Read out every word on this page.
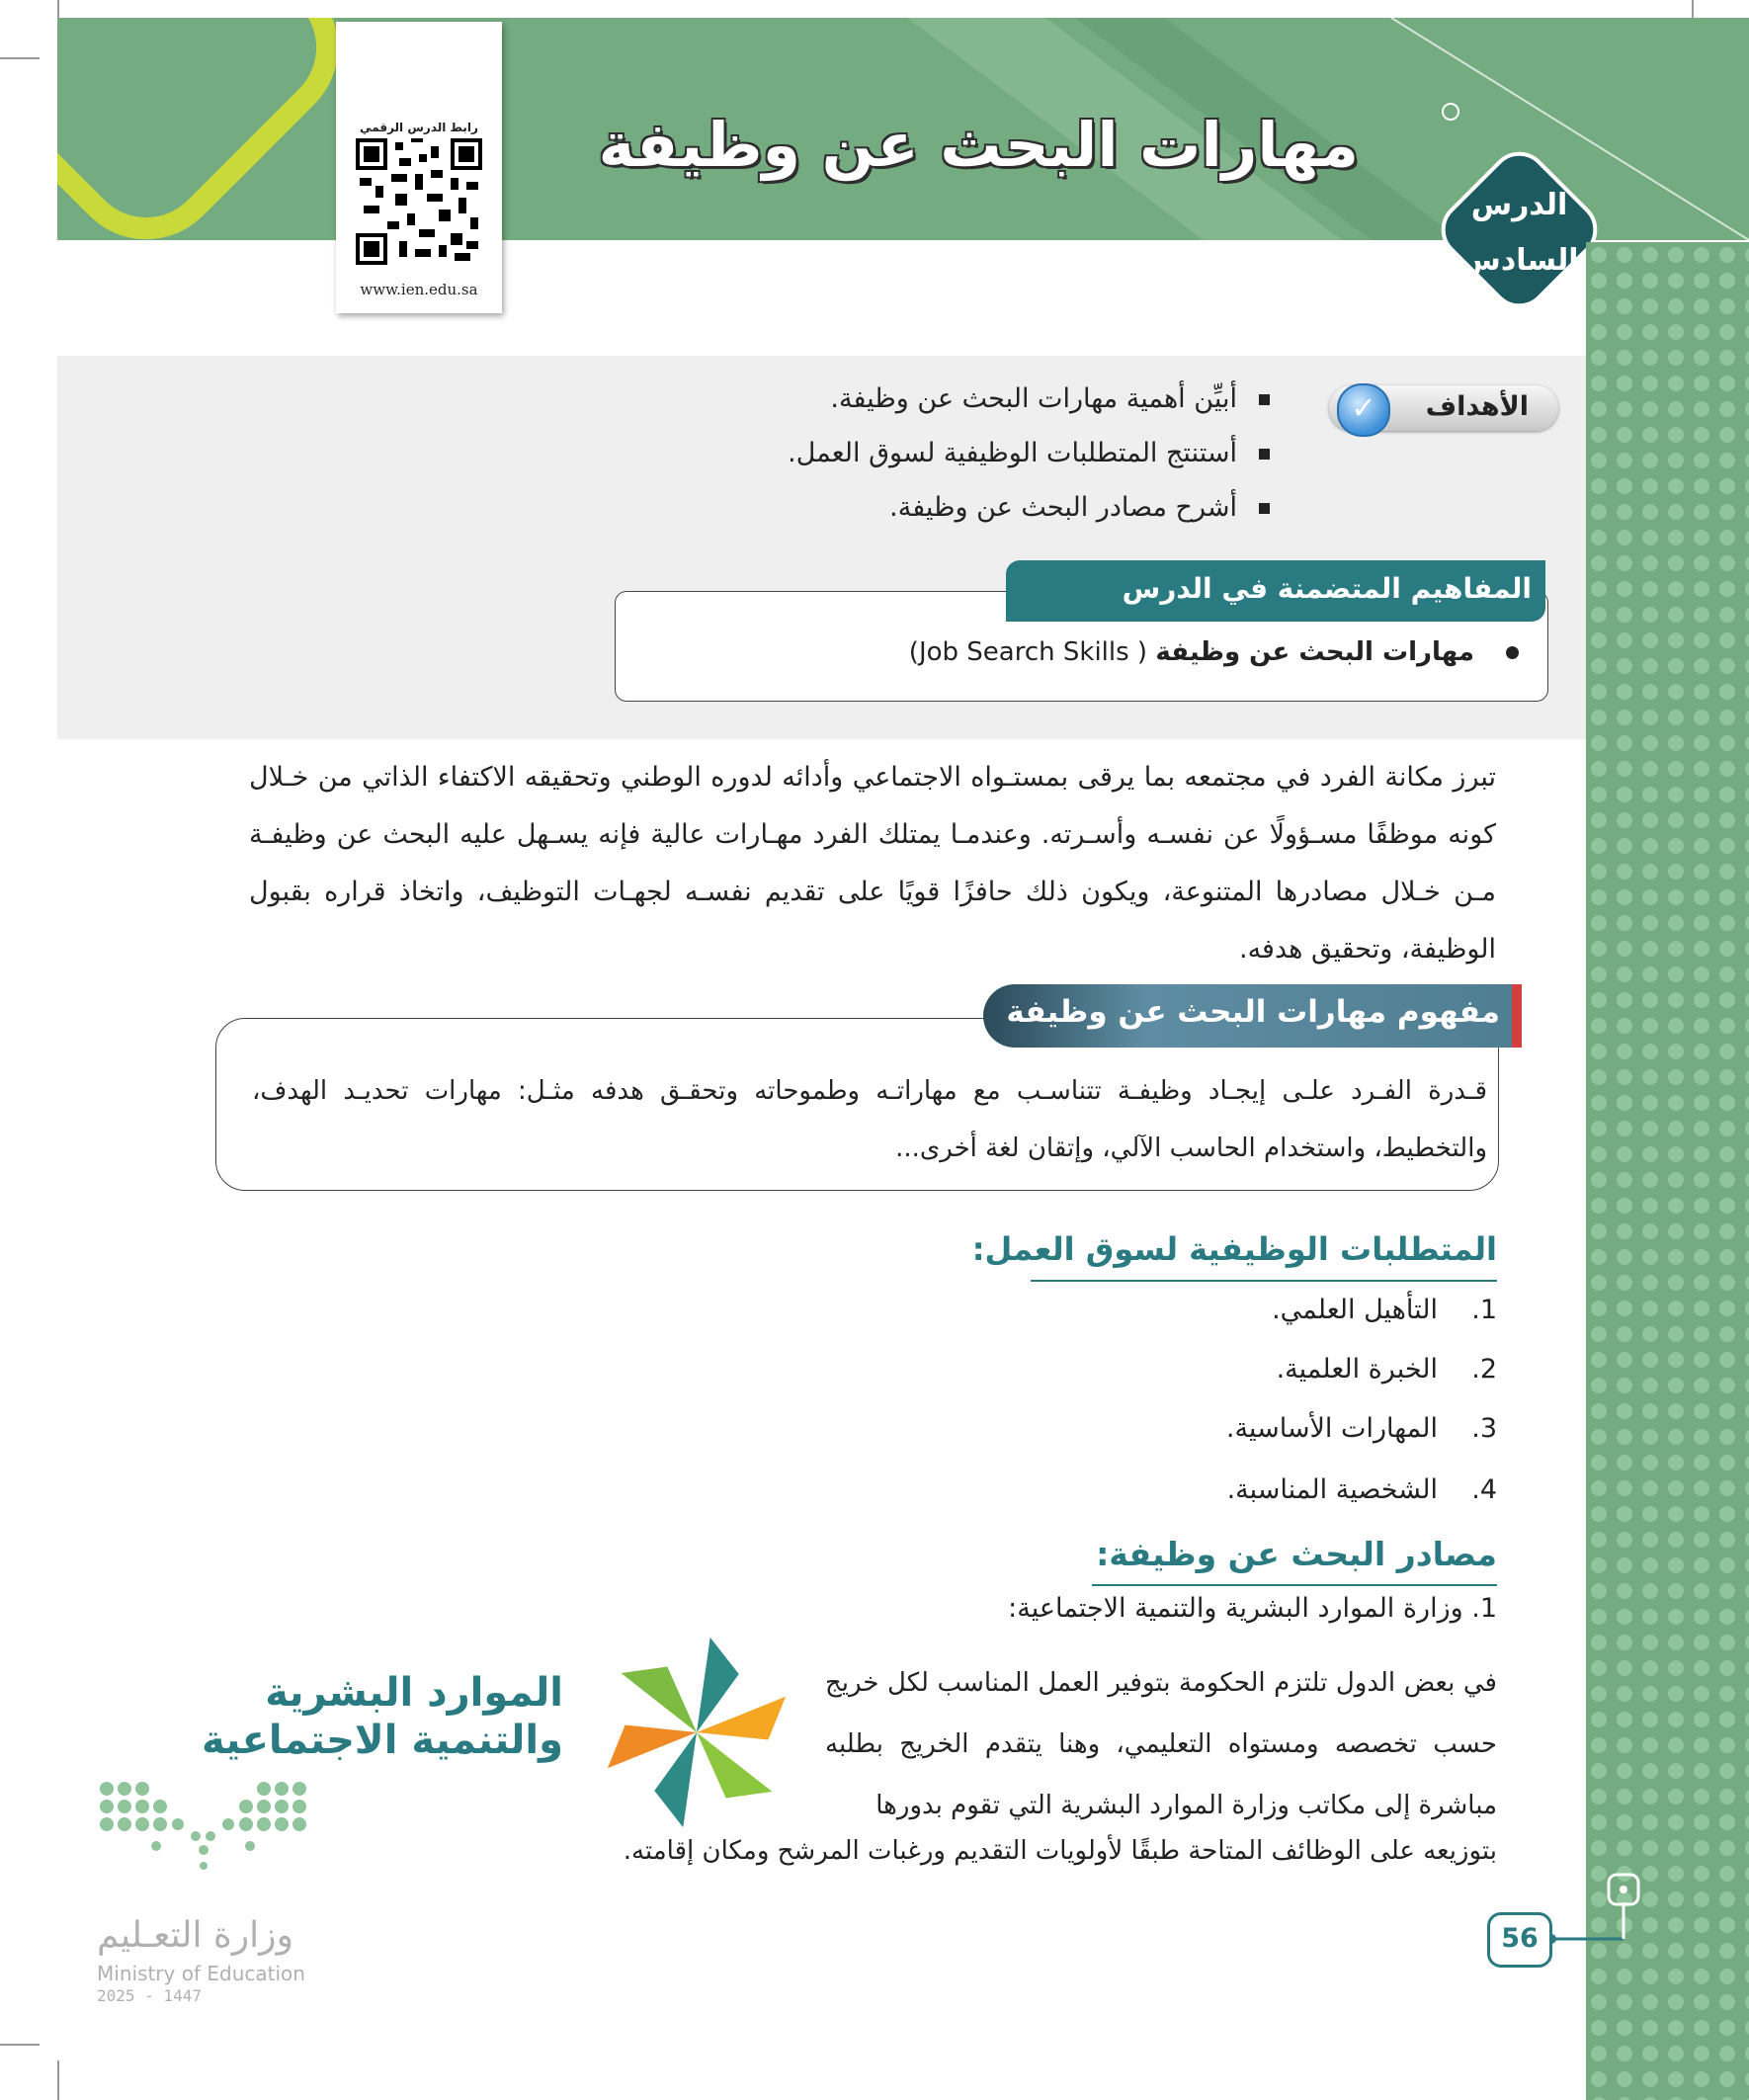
مهارات البحث عن وظيفة
الدرس
السادس
رابط الدرس الرقمي
www.ien.edu.sa
✓	الأهداف
أبيِّن أهمية مهارات البحث عن وظيفة.
أستنتج المتطلبات الوظيفية لسوق العمل.
أشرح مصادر البحث عن وظيفة.
المفاهيم المتضمنة في الدرس
مهارات البحث عن وظيفة ( Job Search Skills)
تبرز مكانة الفرد في مجتمعه بما يرقى بمستـواه الاجتماعي وأدائه لدوره الوطني وتحقيقه الاكتفاء الذاتي من خـلال كونه موظفًا مسـؤولًا عن نفسـه وأسـرته. وعندمـا يمتلك الفرد مهـارات عالية فإنه يسـهل عليه البحث عن وظيفـة مـن خـلال مصادرها المتنوعة، ويكون ذلك حافزًا قويًا على تقديم نفسـه لجهـات التوظيف، واتخاذ قراره بقبول الوظيفة، وتحقيق هدفه.
مفهوم مهارات البحث عن وظيفة
قـدرة الفـرد علـى إيجـاد وظيفـة تتناسـب مع مهاراتـه وطموحاته وتحقـق هدفه مثـل: مهارات تحديـد الهدف، والتخطيط، واستخدام الحاسب الآلي، وإتقان لغة أخرى...
المتطلبات الوظيفية لسوق العمل:
1.التأهيل العلمي.
2.الخبرة العلمية.
3.المهارات الأساسية.
4.الشخصية المناسبة.
مصادر البحث عن وظيفة:
1. وزارة الموارد البشرية والتنمية الاجتماعية:
في بعض الدول تلتزم الحكومة بتوفير العمل المناسب لكل خريج حسب تخصصه ومستواه التعليمي، وهنا يتقدم الخريج بطلبه مباشرة إلى مكاتب وزارة الموارد البشرية التي تقوم بدورها
بتوزيعه على الوظائف المتاحة طبقًا لأولويات التقديم ورغبات المرشح ومكان إقامته.
الموارد البشرية
والتنمية الاجتماعية
وزارة التعـليم
Ministry of Education
2025 - 1447
56
